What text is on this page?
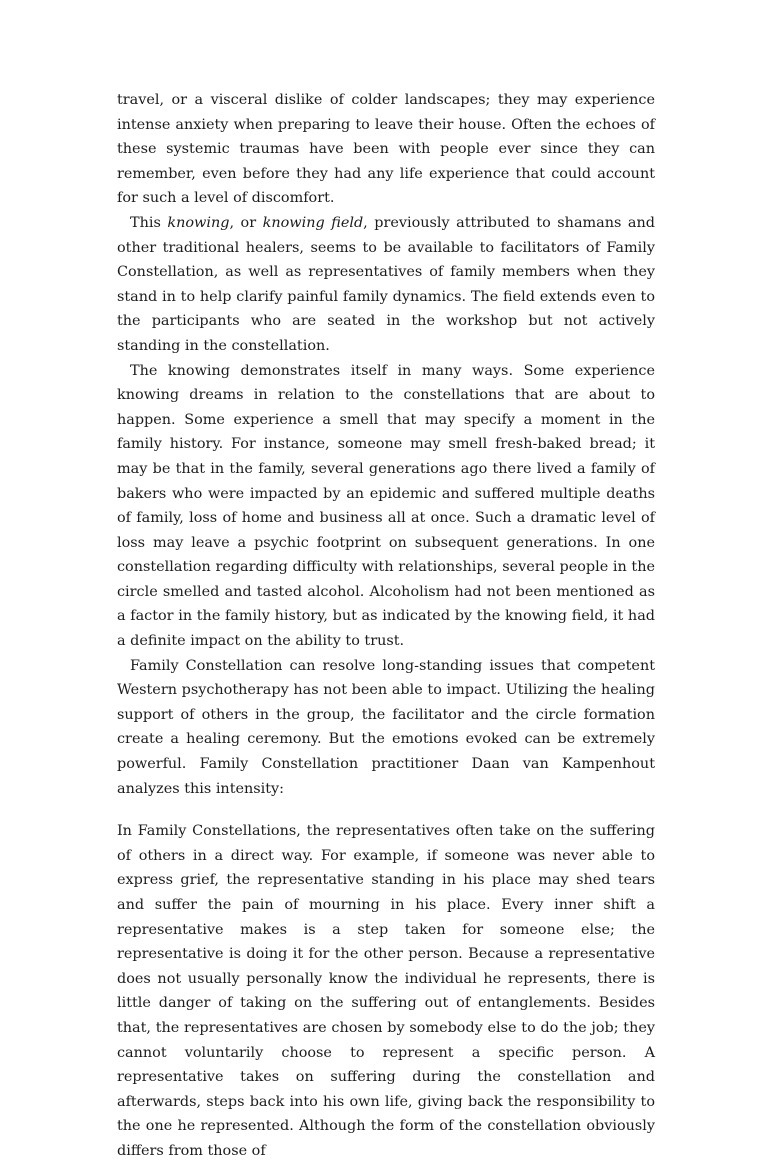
travel, or a visceral dislike of colder landscapes; they may experience intense anxiety when preparing to leave their house. Often the echoes of these systemic traumas have been with people ever since they can remember, even before they had any life experience that could account for such a level of discomfort.

This knowing, or knowing field, previously attributed to shamans and other traditional healers, seems to be available to facilitators of Family Constellation, as well as representatives of family members when they stand in to help clarify painful family dynamics. The field extends even to the participants who are seated in the workshop but not actively standing in the constellation.

The knowing demonstrates itself in many ways. Some experience knowing dreams in relation to the constellations that are about to happen. Some experience a smell that may specify a moment in the family history. For instance, someone may smell fresh-baked bread; it may be that in the family, several generations ago there lived a family of bakers who were impacted by an epidemic and suffered multiple deaths of family, loss of home and business all at once. Such a dramatic level of loss may leave a psychic footprint on subsequent generations. In one constellation regarding difficulty with relationships, several people in the circle smelled and tasted alcohol. Alcoholism had not been mentioned as a factor in the family history, but as indicated by the knowing field, it had a definite impact on the ability to trust.

Family Constellation can resolve long-standing issues that competent Western psychotherapy has not been able to impact. Utilizing the healing support of others in the group, the facilitator and the circle formation create a healing ceremony. But the emotions evoked can be extremely powerful. Family Constellation practitioner Daan van Kampenhout analyzes this intensity:

In Family Constellations, the representatives often take on the suffering of others in a direct way. For example, if someone was never able to express grief, the representative standing in his place may shed tears and suffer the pain of mourning in his place. Every inner shift a representative makes is a step taken for someone else; the representative is doing it for the other person. Because a representative does not usually personally know the individual he represents, there is little danger of taking on the suffering out of entanglements. Besides that, the representatives are chosen by somebody else to do the job; they cannot voluntarily choose to represent a specific person. A representative takes on suffering during the constellation and afterwards, steps back into his own life, giving back the responsibility to the one he represented. Although the form of the constellation obviously differs from those of
